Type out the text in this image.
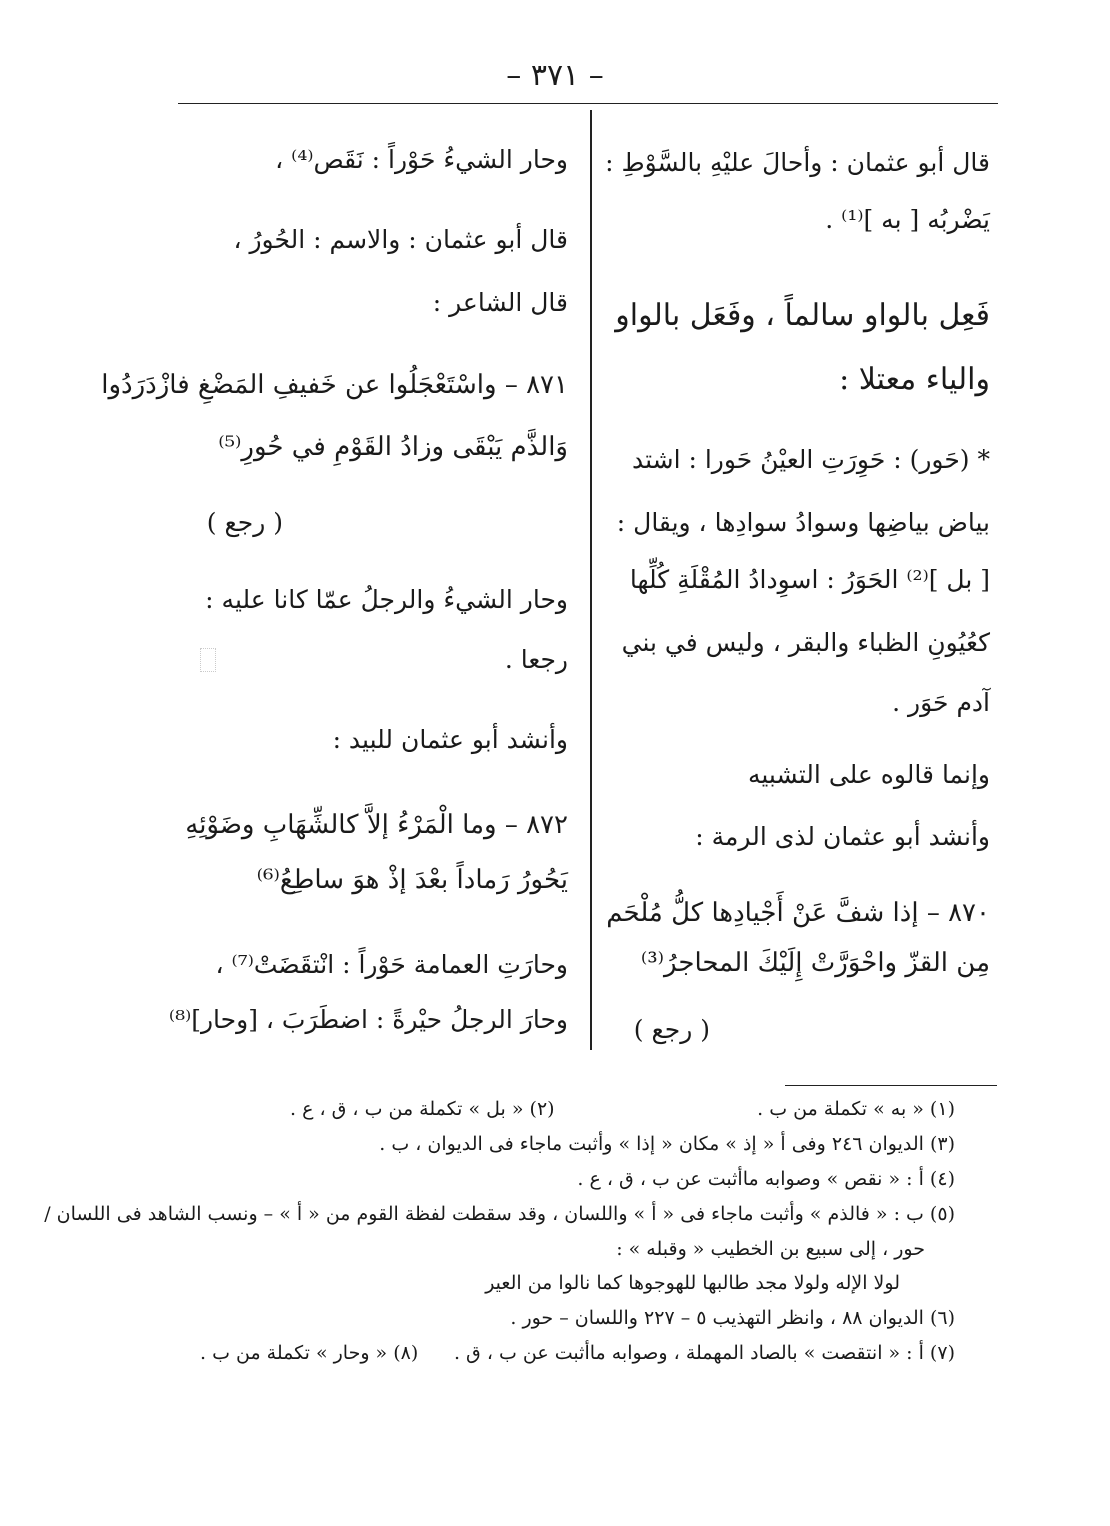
– ٣٧١ –
قال أبو عثمان : وأحالَ عليْهِ بالسَّوْطِ :
يَضْربُه [ به ]⁽¹⁾ .
فَعِل بالواو سالماً ، وفَعَل بالواو
والياء معتلا :
* (حَور) : حَوِرَتِ العيْنُ حَورا : اشتد
بياض بياضِها وسوادُ سوادِها ، ويقال :
[ بل ]⁽²⁾ الحَوَرُ : اسوِدادُ المُقْلَةِ كُلِّها
كعُيُونِ الظباء والبقر ، وليس في بني
آدم حَوَر .
وإنما قالوه على التشبيه
وأنشد أبو عثمان لذى الرمة :
٨٧٠ – إذا شفَّ عَنْ أَجْيادِها كلُّ مُلْحَم
مِن القزّ واحْوَرَّتْ إِلَيْكَ المحاجرُ⁽³⁾
( رجع )
وحار الشيءُ حَوْراً : نَقَص⁽⁴⁾ ،
قال أبو عثمان : والاسم : الحُورُ ،
قال الشاعر :
٨٧١ – واسْتَعْجَلُوا عن خَفيفِ المَضْغِ فازْدَرَدُوا
وَالذَّم يَبْقَى وزادُ القَوْمِ في حُورِ⁽⁵⁾
( رجع )
وحار الشيءُ والرجلُ عمّا كانا عليه :
رجعا .
وأنشد أبو عثمان للبيد :
٨٧٢ – وما الْمَرْءُ إلاَّ كالشِّهَابِ وضَوْئِهِ
يَحُورُ رَماداً بعْدَ إذْ هوَ ساطِعُ⁽⁶⁾
وحارَتِ العمامة حَوْراً : انْتقَضَتْ⁽⁷⁾ ،
وحارَ الرجلُ حيْرةً : اضطَرَبَ ، [وحار]⁽⁸⁾
(١) « به » تكملة من ب .
(٢) « بل » تكملة من ب ، ق ، ع .
(٣) الديوان ٢٤٦ وفى أ « إذ » مكان « إذا » وأثبت ماجاء فى الديوان ، ب .
(٤) أ : « نقص » وصوابه ماأثبت عن ب ، ق ، ع .
(٥) ب : « فالذم » وأثبت ماجاء فى « أ » واللسان ، وقد سقطت لفظة القوم من « أ » – ونسب الشاهد فى اللسان /
حور ، إلى سبيع بن الخطيب « وقبله » :
لولا الإله ولولا مجد طالبها للهوجوها كما نالوا من العير
(٦) الديوان ٨٨ ، وانظر التهذيب ٥ – ٢٢٧ واللسان – حور .
(٧) أ : « انتقصت » بالصاد المهملة ، وصوابه ماأثبت عن ب ، ق .
(٨) « وحار » تكملة من ب .
